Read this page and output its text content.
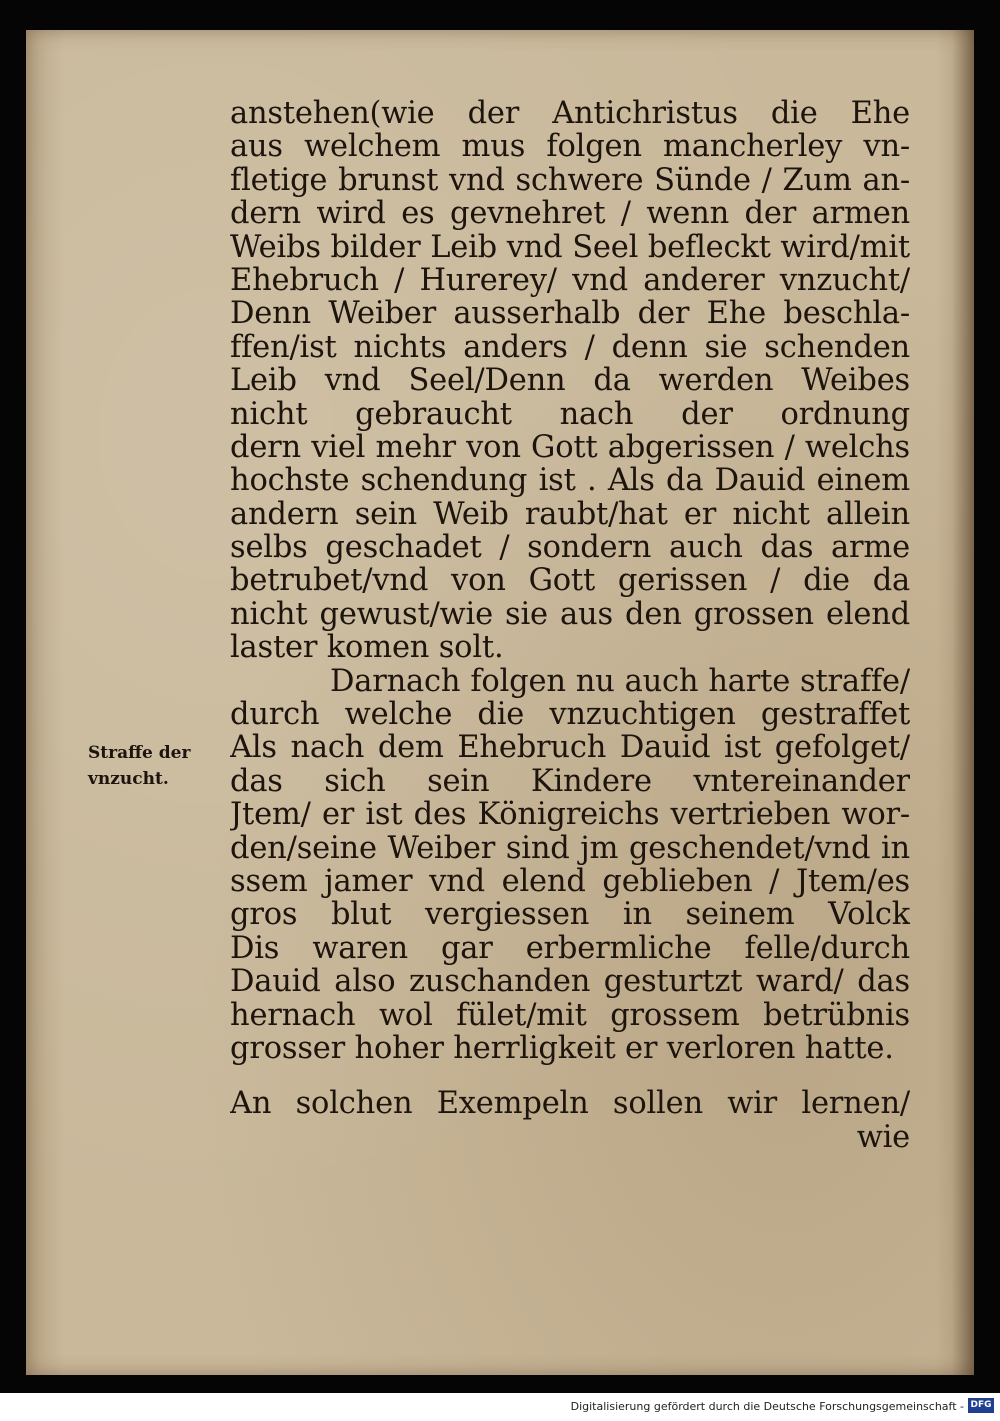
anstehen(wie der Antichristus die Ehe
aus welchem mus folgen mancherley vn-
fletige brunst vnd schwere Sünde / Zum an-
dern wird es gevnehret / wenn der armen
Weibs bilder Leib vnd Seel befleckt wird/mit
Ehebruch / Hurerey/ vnd anderer vnzucht/
Denn Weiber ausserhalb der Ehe beschla-
ffen/ist nichts anders / denn sie schenden
Leib vnd Seel/Denn da werden Weibes
nicht gebraucht nach der ordnung
dern viel mehr von Gott abgerissen / welchs
hochste schendung ist . Als da Dauid einem
andern sein Weib raubt/hat er nicht allein
selbs geschadet / sondern auch das arme
betrubet/vnd von Gott gerissen / die da
nicht gewust/wie sie aus den grossen elend
laster komen solt.
Darnach folgen nu auch harte straffe/
durch welche die vnzuchtigen gestraffet
Als nach dem Ehebruch Dauid ist gefolget/
das sich sein Kindere vntereinander
Jtem/ er ist des Königreichs vertrieben wor-
den/seine Weiber sind jm geschendet/vnd in
ssem jamer vnd elend geblieben / Jtem/es
gros blut vergiessen in seinem Volck
Dis waren gar erbermliche felle/durch
Dauid also zuschanden gesturtzt ward/ das
hernach wol fület/mit grossem betrübnis
grosser hoher herrligkeit er verloren hatte.
An solchen Exempeln sollen wir lernen/
wie
Straffe der
vnzucht.
Digitalisierung gefördert durch die Deutsche Forschungsgemeinschaft - DFG
